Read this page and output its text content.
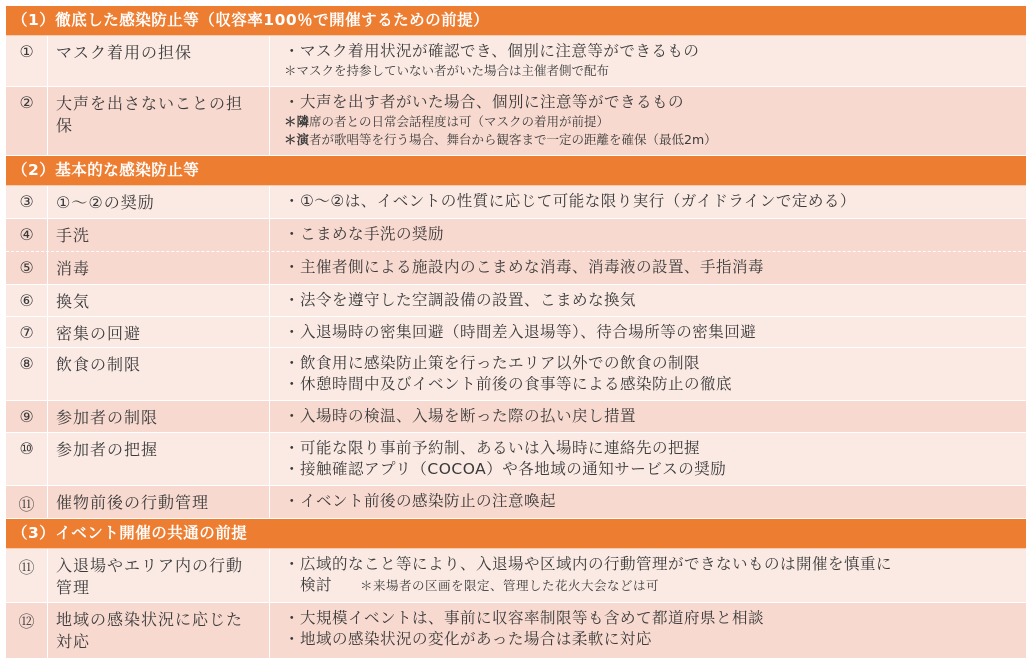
（1）徹底した感染防止等（収容率100％で開催するための前提）
①	マスク着用の担保	・マスク着用状況が確認でき、個別に注意等ができるもの
＊マスクを持参していない者がいた場合は主催者側で配布
②	大声を出さないことの担保
・大声を出す者がいた場合、個別に注意等ができるもの
＊隣席の者との日常会話程度は可（マスクの着用が前提）
＊演者が歌唱等を行う場合、舞台から観客まで一定の距離を確保（最低2m）
（2）基本的な感染防止等
③	①～②の奨励	・①～②は、イベントの性質に応じて可能な限り実行（ガイドラインで定める）
④	手洗	・こまめな手洗の奨励
⑤	消毒	・主催者側による施設内のこまめな消毒、消毒液の設置、手指消毒
⑥	換気	・法令を遵守した空調設備の設置、こまめな換気
⑦	密集の回避	・入退場時の密集回避（時間差入退場等）、待合場所等の密集回避
⑧	飲食の制限	・飲食用に感染防止策を行ったエリア以外での飲食の制限
・休憩時間中及びイベント前後の食事等による感染防止の徹底
⑨	参加者の制限	・入場時の検温、入場を断った際の払い戻し措置
⑩	参加者の把握	・可能な限り事前予約制、あるいは入場時に連絡先の把握
・接触確認アプリ（COCOA）や各地域の通知サービスの奨励
⑪	催物前後の行動管理	・イベント前後の感染防止の注意喚起
（3）イベント開催の共通の前提
⑪	入退場やエリア内の行動管理
・広域的なこと等により、入退場や区域内の行動管理ができないものは開催を慎重に
　検討 ＊来場者の区画を限定、管理した花火大会などは可
⑫	地域の感染状況に応じた対応
・大規模イベントは、事前に収容率制限等も含めて都道府県と相談
・地域の感染状況の変化があった場合は柔軟に対応
